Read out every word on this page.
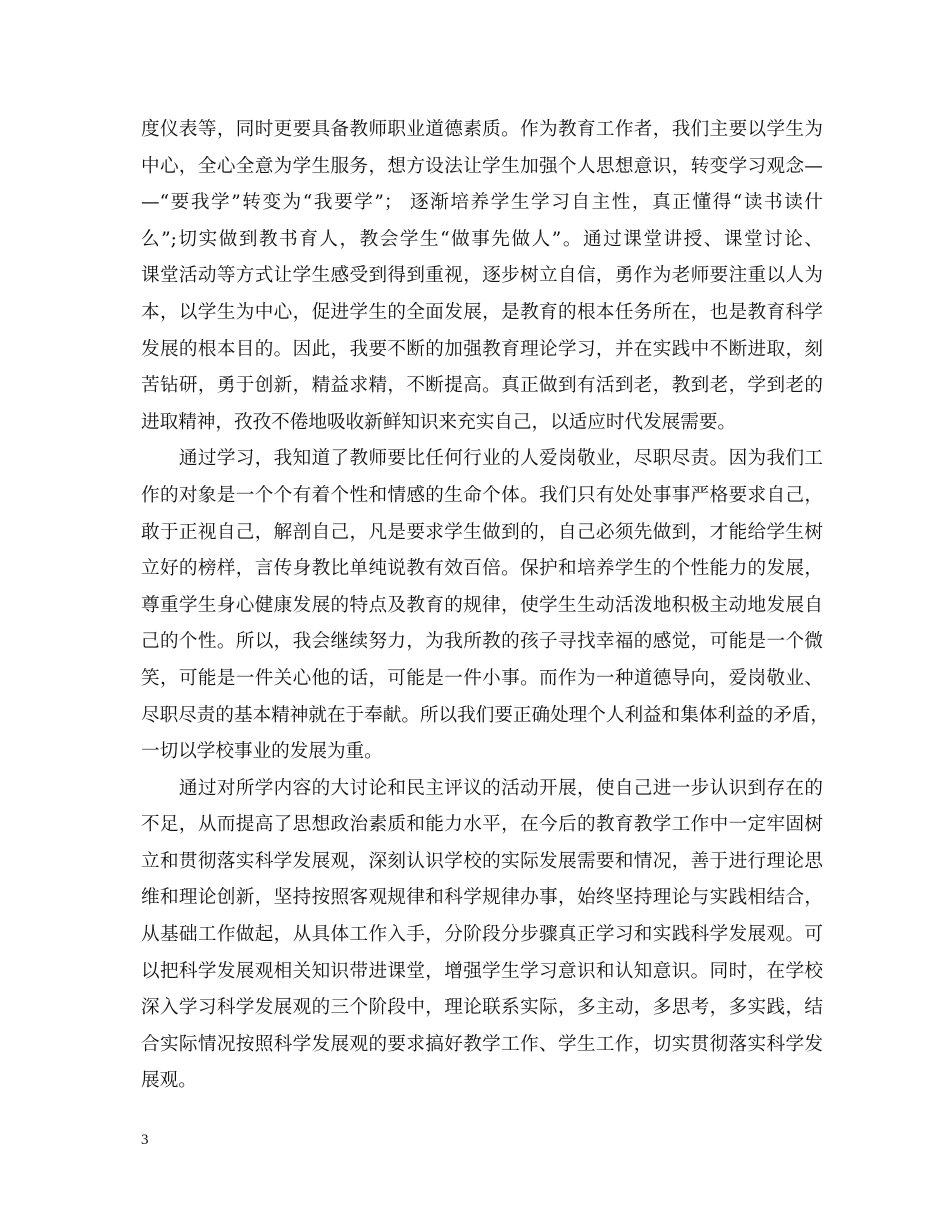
度仪表等，同时更要具备教师职业道德素质。作为教育工作者，我们主要以学生为
中心，全心全意为学生服务，想方设法让学生加强个人思想意识，转变学习观念—
—“要我学”转变为“我要学”； 逐渐培养学生学习自主性，真正懂得“读书读什
么”;切实做到教书育人，教会学生“做事先做人”。通过课堂讲授、课堂讨论、
课堂活动等方式让学生感受到得到重视，逐步树立自信，勇作为老师要注重以人为
本，以学生为中心，促进学生的全面发展，是教育的根本任务所在，也是教育科学
发展的根本目的。因此，我要不断的加强教育理论学习，并在实践中不断进取，刻
苦钻研，勇于创新，精益求精，不断提高。真正做到有活到老，教到老，学到老的
进取精神，孜孜不倦地吸收新鲜知识来充实自己，以适应时代发展需要。
　　通过学习，我知道了教师要比任何行业的人爱岗敬业，尽职尽责。因为我们工
作的对象是一个个有着个性和情感的生命个体。我们只有处处事事严格要求自己，
敢于正视自己，解剖自己，凡是要求学生做到的，自己必须先做到，才能给学生树
立好的榜样，言传身教比单纯说教有效百倍。保护和培养学生的个性能力的发展，
尊重学生身心健康发展的特点及教育的规律，使学生生动活泼地积极主动地发展自
己的个性。所以，我会继续努力，为我所教的孩子寻找幸福的感觉，可能是一个微
笑，可能是一件关心他的话，可能是一件小事。而作为一种道德导向，爱岗敬业、
尽职尽责的基本精神就在于奉献。所以我们要正确处理个人利益和集体利益的矛盾，
一切以学校事业的发展为重。
　　通过对所学内容的大讨论和民主评议的活动开展，使自己进一步认识到存在的
不足，从而提高了思想政治素质和能力水平，在今后的教育教学工作中一定牢固树
立和贯彻落实科学发展观，深刻认识学校的实际发展需要和情况，善于进行理论思
维和理论创新，坚持按照客观规律和科学规律办事，始终坚持理论与实践相结合，
从基础工作做起，从具体工作入手，分阶段分步骤真正学习和实践科学发展观。可
以把科学发展观相关知识带进课堂，增强学生学习意识和认知意识。同时，在学校
深入学习科学发展观的三个阶段中，理论联系实际，多主动，多思考，多实践，结
合实际情况按照科学发展观的要求搞好教学工作、学生工作，切实贯彻落实科学发
展观。
3
